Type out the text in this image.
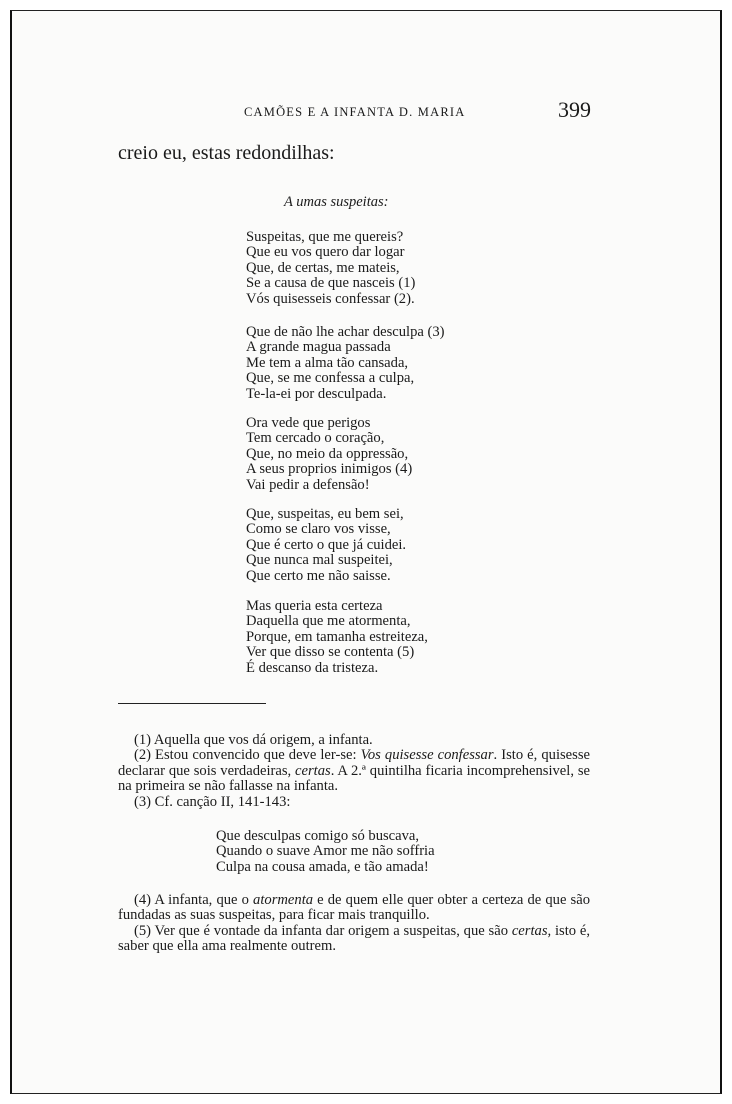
CAMÕES E A INFANTA D. MARIA	399
creio eu, estas redondilhas:
A umas suspeitas:
Suspeitas, que me quereis?
Que eu vos quero dar logar
Que, de certas, me mateis,
Se a causa de que nasceis (1)
Vós quisesseis confessar (2).
Que de não lhe achar desculpa (3)
A grande magua passada
Me tem a alma tão cansada,
Que, se me confessa a culpa,
Te-la-ei por desculpada.
Ora vede que perigos
Tem cercado o coração,
Que, no meio da oppressão,
A seus proprios inimigos (4)
Vai pedir a defensão!
Que, suspeitas, eu bem sei,
Como se claro vos visse,
Que é certo o que já cuidei.
Que nunca mal suspeitei,
Que certo me não saisse.
Mas queria esta certeza
Daquella que me atormenta,
Porque, em tamanha estreiteza,
Ver que disso se contenta (5)
É descanso da tristeza.

(1) Aquella que vos dá origem, a infanta.

(2) Estou convencido que deve ler-se: Vos quisesse confessar. Isto é, quisesse declarar que sois verdadeiras, certas. A 2.ª quintilha ficaria incomprehensivel, se na primeira se não fallasse na infanta.

(3) Cf. canção II, 141-143:

Que desculpas comigo só buscava,
Quando o suave Amor me não soffria
Culpa na cousa amada, e tão amada!

(4) A infanta, que o atormenta e de quem elle quer obter a certeza de que são fundadas as suas suspeitas, para ficar mais tranquillo.

(5) Ver que é vontade da infanta dar origem a suspeitas, que são certas, isto é, saber que ella ama realmente outrem.
